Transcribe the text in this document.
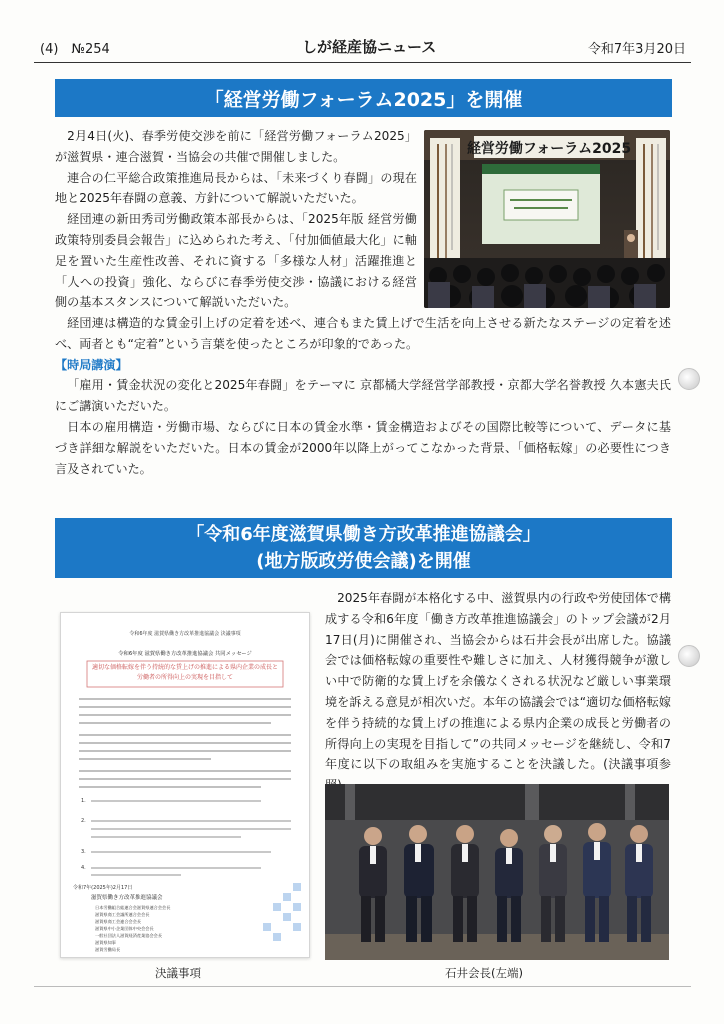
(4)　 №254	しが経産協ニュース	令和7年3月20日
「経営労働フォーラム2025」を開催

2月4日(火)、春季労使交渉を前に「経営労働フォーラム2025」が滋賀県・連合滋賀・当協会の共催で開催しました。

連合の仁平総合政策推進局長からは、「未来づくり春闘」の現在地と2025年春闘の意義、方針について解説いただいた。

経団連の新田秀司労働政策本部長からは、「2025年版 経営労働政策特別委員会報告」に込められた考え、「付加価値最大化」に軸足を置いた生産性改善、それに資する「多様な人材」活躍推進と「人への投資」強化、ならびに春季労使交渉・協議における経営側の基本スタンスについて解説いただいた。

経営労働フォーラム2025

経団連は構造的な賃金引上げの定着を述べ、連合もまた賃上げで生活を向上させる新たなステージの定着を述べ、両者とも“定着”という言葉を使ったところが印象的であった。

【時局講演】

「雇用・賃金状況の変化と2025年春闘」をテーマに 京都橘大学経営学部教授・京都大学名誉教授 久本憲夫氏にご講演いただいた。

日本の雇用構造・労働市場、ならびに日本の賃金水準・賃金構造およびその国際比較等について、データに基づき詳細な解説をいただいた。日本の賃金が2000年以降上がってこなかった背景、「価格転嫁」の必要性につき言及されていた。

「令和6年度滋賀県働き方改革推進協議会」
(地方版政労使会議)を開催

2025年春闘が本格化する中、滋賀県内の行政や労使団体で構成する令和6年度「働き方改革推進協議会」のトップ会議が2月17日(月)に開催され、当協会からは石井会長が出席した。協議会では価格転嫁の重要性や難しさに加え、人材獲得競争が激しい中で防衛的な賃上げを余儀なくされる状況など厳しい事業環境を訴える意見が相次いだ。本年の協議会では“適切な価格転嫁を伴う持続的な賃上げの推進による県内企業の成長と労働者の所得向上の実現を目指して”の共同メッセージを継続し、令和7年度に以下の取組みを実施することを決議した。(決議事項参

令和6年度 滋賀県働き方改革推進協議会 決議事項
令和6年度 滋賀県働き方改革推進協議会 共同メッセージ
適切な価格転嫁を伴う持続的な賃上げの推進による県内企業の成長と労働者の所得向上の実現を目指して
1.
2.
3.
4.
令和7年(2025年)2月17日
滋賀県働き方改革推進協議会
日本労働組合総連合会滋賀県連合会会長
滋賀県商工会議所連合会会長
滋賀県商工会連合会会長
滋賀県中小企業団体中央会会長
一般社団法人滋賀経済産業協会会長
滋賀県知事
滋賀労働局長
決議事項	石井会長(左端)
